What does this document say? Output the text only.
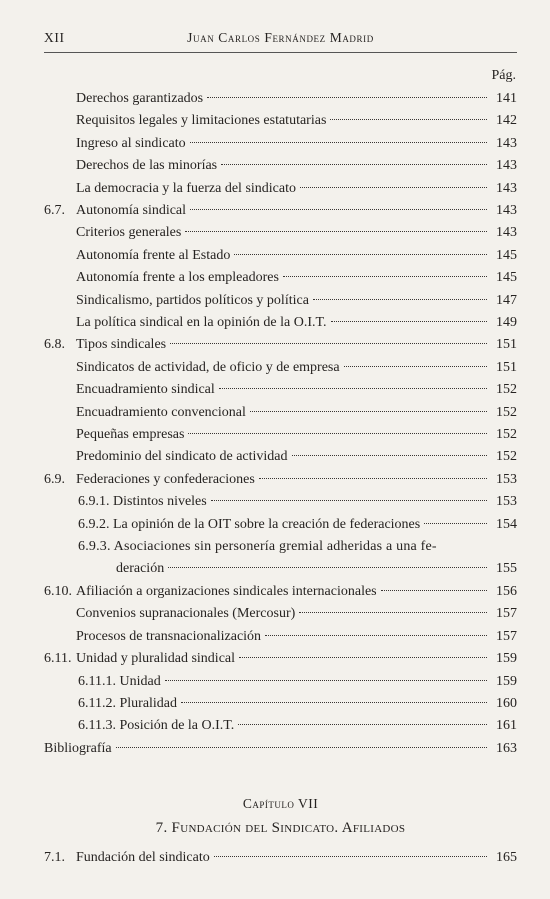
XII	Juan Carlos Fernández Madrid
Pág.
Derechos garantizados	141
Requisitos legales y limitaciones estatutarias	142
Ingreso al sindicato	143
Derechos de las minorías	143
La democracia y la fuerza del sindicato	143
6.7. Autonomía sindical	143
Criterios generales	143
Autonomía frente al Estado	145
Autonomía frente a los empleadores	145
Sindicalismo, partidos políticos y política	147
La política sindical en la opinión de la O.I.T.	149
6.8. Tipos sindicales	151
Sindicatos de actividad, de oficio y de empresa	151
Encuadramiento sindical	152
Encuadramiento convencional	152
Pequeñas empresas	152
Predominio del sindicato de actividad	152
6.9. Federaciones y confederaciones	153
6.9.1. Distintos niveles	153
6.9.2. La opinión de la OIT sobre la creación de federaciones	154
6.9.3. Asociaciones sin personería gremial adheridas a una fe-
deración	155
6.10. Afiliación a organizaciones sindicales internacionales	156
Convenios supranacionales (Mercosur)	157
Procesos de transnacionalización	157
6.11. Unidad y pluralidad sindical	159
6.11.1. Unidad	159
6.11.2. Pluralidad	160
6.11.3. Posición de la O.I.T.	161
Bibliografía	163
Capítulo VII
7. Fundación del Sindicato. Afiliados
7.1. Fundación del sindicato	165
